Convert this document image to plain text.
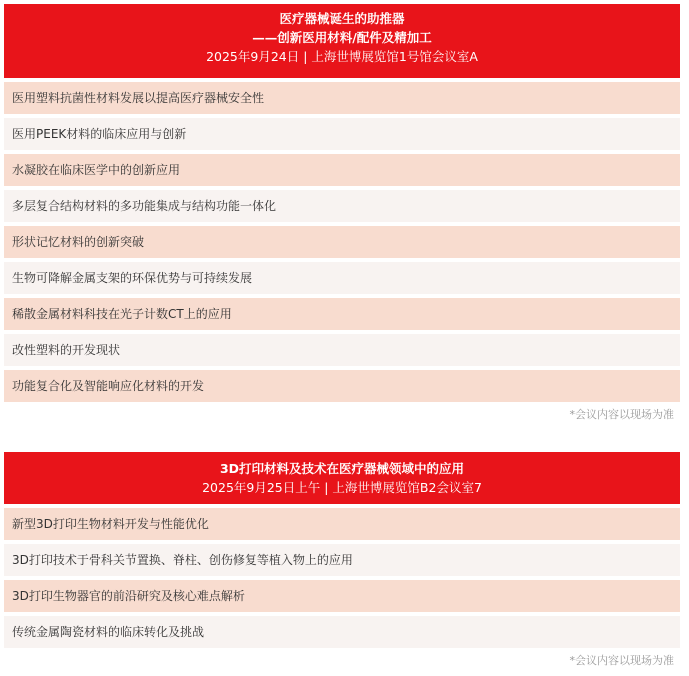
医疗器械诞生的助推器
——创新医用材料/配件及精加工
2025年9月24日 | 上海世博展览馆1号馆会议室A
医用塑料抗菌性材料发展以提高医疗器械安全性
医用PEEK材料的临床应用与创新
水凝胶在临床医学中的创新应用
多层复合结构材料的多功能集成与结构功能一体化
形状记忆材料的创新突破
生物可降解金属支架的环保优势与可持续发展
稀散金属材料科技在光子计数CT上的应用
改性塑料的开发现状
功能复合化及智能响应化材料的开发
*会议内容以现场为准
3D打印材料及技术在医疗器械领域中的应用
2025年9月25日上午 | 上海世博展览馆B2会议室7
新型3D打印生物材料开发与性能优化
3D打印技术于骨科关节置换、脊柱、创伤修复等植入物上的应用
3D打印生物器官的前沿研究及核心难点解析
传统金属陶瓷材料的临床转化及挑战
*会议内容以现场为准
